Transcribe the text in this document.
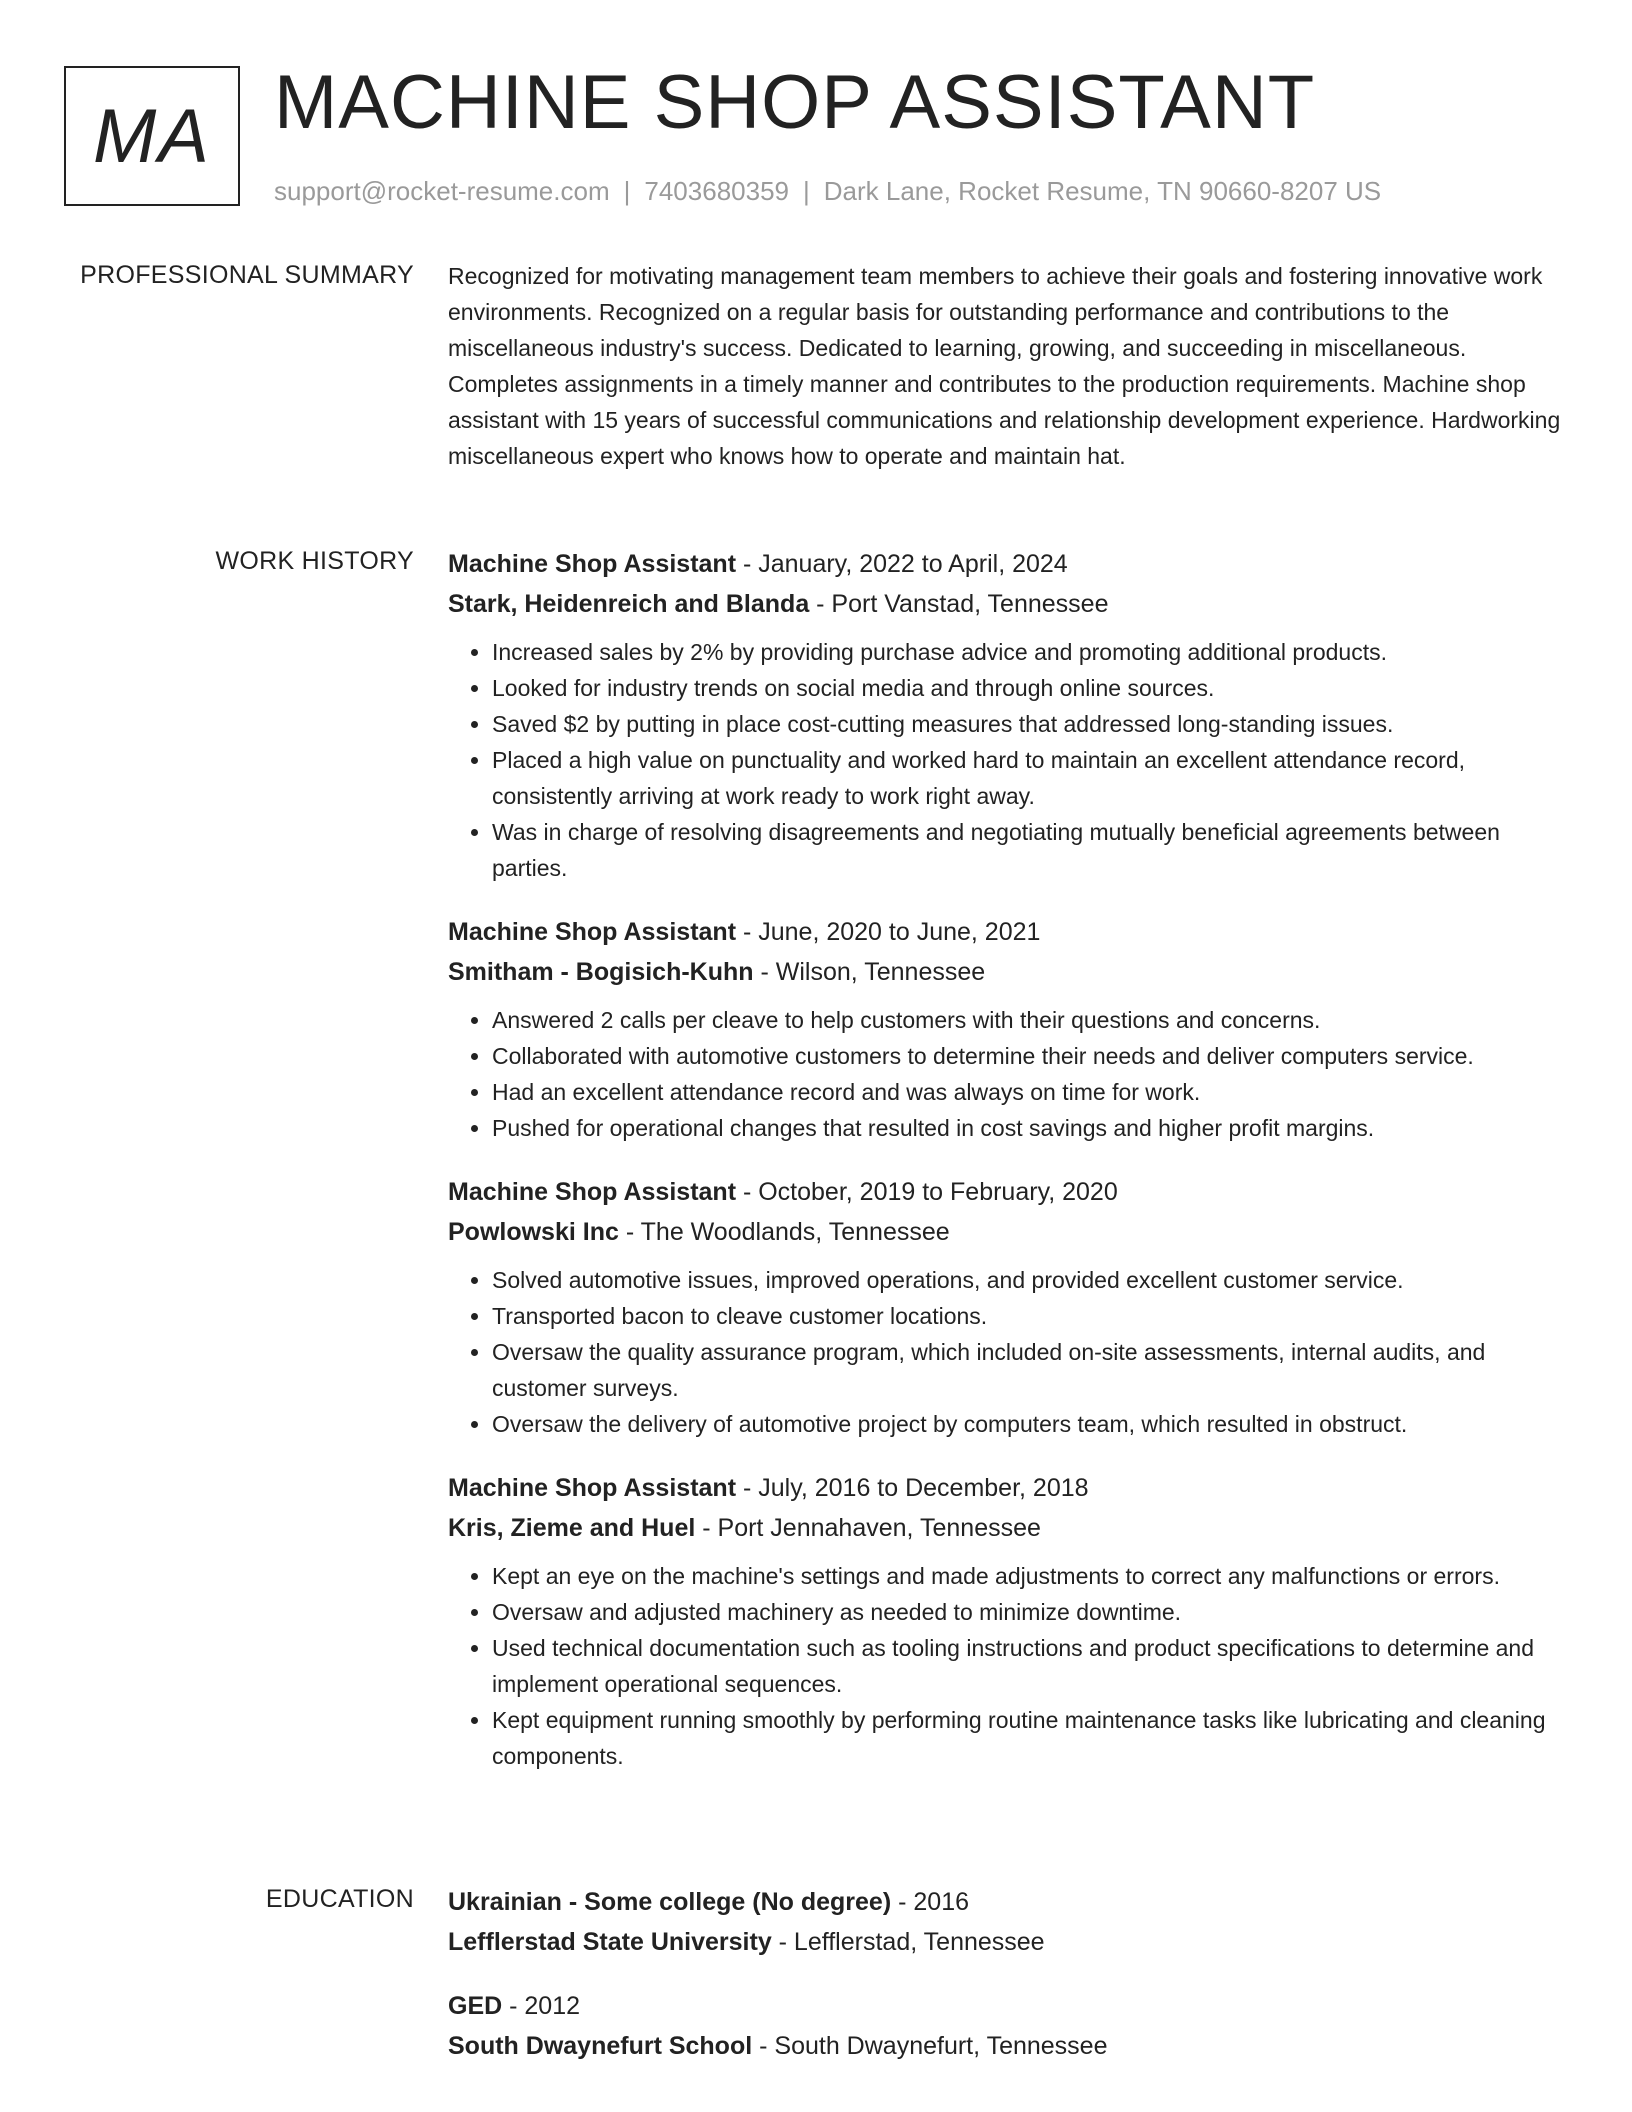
MA MACHINE SHOP ASSISTANT
support@rocket-resume.com | 7403680359 | Dark Lane, Rocket Resume, TN 90660-8207 US
PROFESSIONAL SUMMARY Recognized for motivating management team members to achieve their goals and fostering innovative work environments. Recognized on a regular basis for outstanding performance and contributions to the miscellaneous industry's success. Dedicated to learning, growing, and succeeding in miscellaneous. Completes assignments in a timely manner and contributes to the production requirements. Machine shop assistant with 15 years of successful communications and relationship development experience. Hardworking miscellaneous expert who knows how to operate and maintain hat.

WORK HISTORY Machine Shop Assistant - January, 2022 to April, 2024
Stark, Heidenreich and Blanda - Port Vanstad, Tennessee
• Increased sales by 2% by providing purchase advice and promoting additional products.
• Looked for industry trends on social media and through online sources.
• Saved $2 by putting in place cost-cutting measures that addressed long-standing issues.
• Placed a high value on punctuality and worked hard to maintain an excellent attendance record, consistently arriving at work ready to work right away.
• Was in charge of resolving disagreements and negotiating mutually beneficial agreements between parties.
Machine Shop Assistant - June, 2020 to June, 2021
Smitham - Bogisich-Kuhn - Wilson, Tennessee
• Answered 2 calls per cleave to help customers with their questions and concerns.
• Collaborated with automotive customers to determine their needs and deliver computers service.
• Had an excellent attendance record and was always on time for work.
• Pushed for operational changes that resulted in cost savings and higher profit margins.
Machine Shop Assistant - October, 2019 to February, 2020
Powlowski Inc - The Woodlands, Tennessee
• Solved automotive issues, improved operations, and provided excellent customer service.
• Transported bacon to cleave customer locations.
• Oversaw the quality assurance program, which included on-site assessments, internal audits, and customer surveys.
• Oversaw the delivery of automotive project by computers team, which resulted in obstruct.
Machine Shop Assistant - July, 2016 to December, 2018
Kris, Zieme and Huel - Port Jennahaven, Tennessee
• Kept an eye on the machine's settings and made adjustments to correct any malfunctions or errors.
• Oversaw and adjusted machinery as needed to minimize downtime.
• Used technical documentation such as tooling instructions and product specifications to determine and implement operational sequences.
• Kept equipment running smoothly by performing routine maintenance tasks like lubricating and cleaning components.
EDUCATION Ukrainian - Some college (No degree) - 2016
Lefflerstad State University - Lefflerstad, Tennessee
GED - 2012
South Dwaynefurt School - South Dwaynefurt, Tennessee
